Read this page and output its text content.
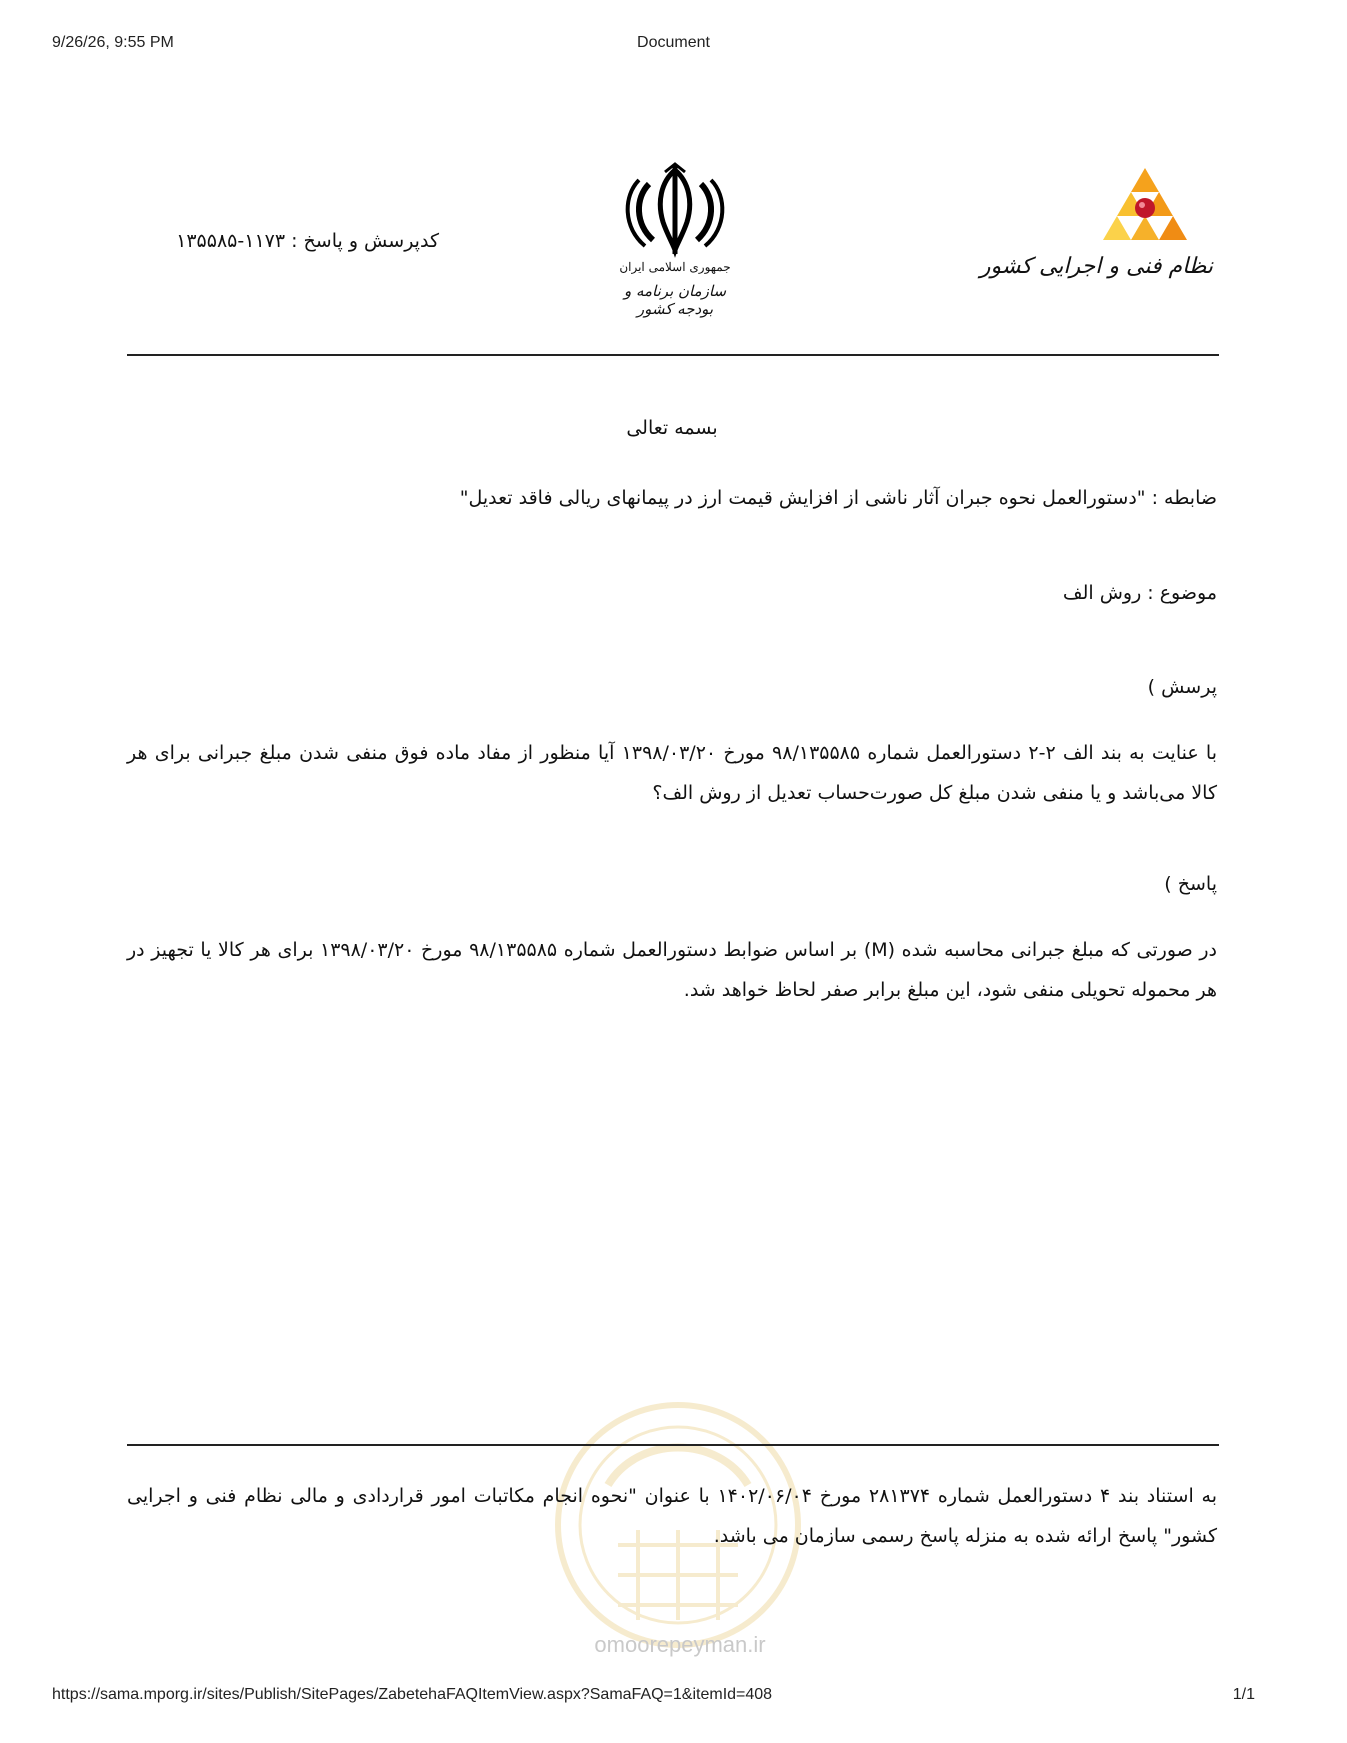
9/26/26, 9:55 PM	Document
کدپرسش و پاسخ : ۱۱۷۳-۱۳۵۵۸۵
جمهوری اسلامی ایران
سازمان برنامه و بودجه کشور
نظام فنی و اجرایی کشور
بسمه تعالی
ضابطه : "دستورالعمل نحوه جبران آثار ناشی از افزایش قیمت ارز در پیمانهای ریالی فاقد تعدیل"
موضوع : روش الف
پرسش )
با عنایت به بند الف ۲-۲ دستورالعمل شماره ۹۸/۱۳۵۵۸۵ مورخ ۱۳۹۸/۰۳/۲۰ آیا منظور از مفاد ماده فوق منفی شدن مبلغ جبرانی برای هر کالا می‌باشد و یا منفی شدن مبلغ کل صورت‌حساب تعدیل از روش الف؟
پاسخ )
در صورتی که مبلغ جبرانی محاسبه شده (M) بر اساس ضوابط دستورالعمل شماره ۹۸/۱۳۵۵۸۵ مورخ ۱۳۹۸/۰۳/۲۰ برای هر کالا یا تجهیز در هر محموله تحویلی منفی شود، این مبلغ برابر صفر لحاظ خواهد شد.
به استناد بند ۴ دستورالعمل شماره ۲۸۱۳۷۴ مورخ ۱۴۰۲/۰۶/۰۴ با عنوان "نحوه انجام مکاتبات امور قراردادی و مالی نظام فنی و اجرایی کشور" پاسخ ارائه شده به منزله پاسخ رسمی سازمان می باشد.
omoorepeyman.ir
https://sama.mporg.ir/sites/Publish/SitePages/ZabetehaFAQItemView.aspx?SamaFAQ=1&itemId=408	1/1
